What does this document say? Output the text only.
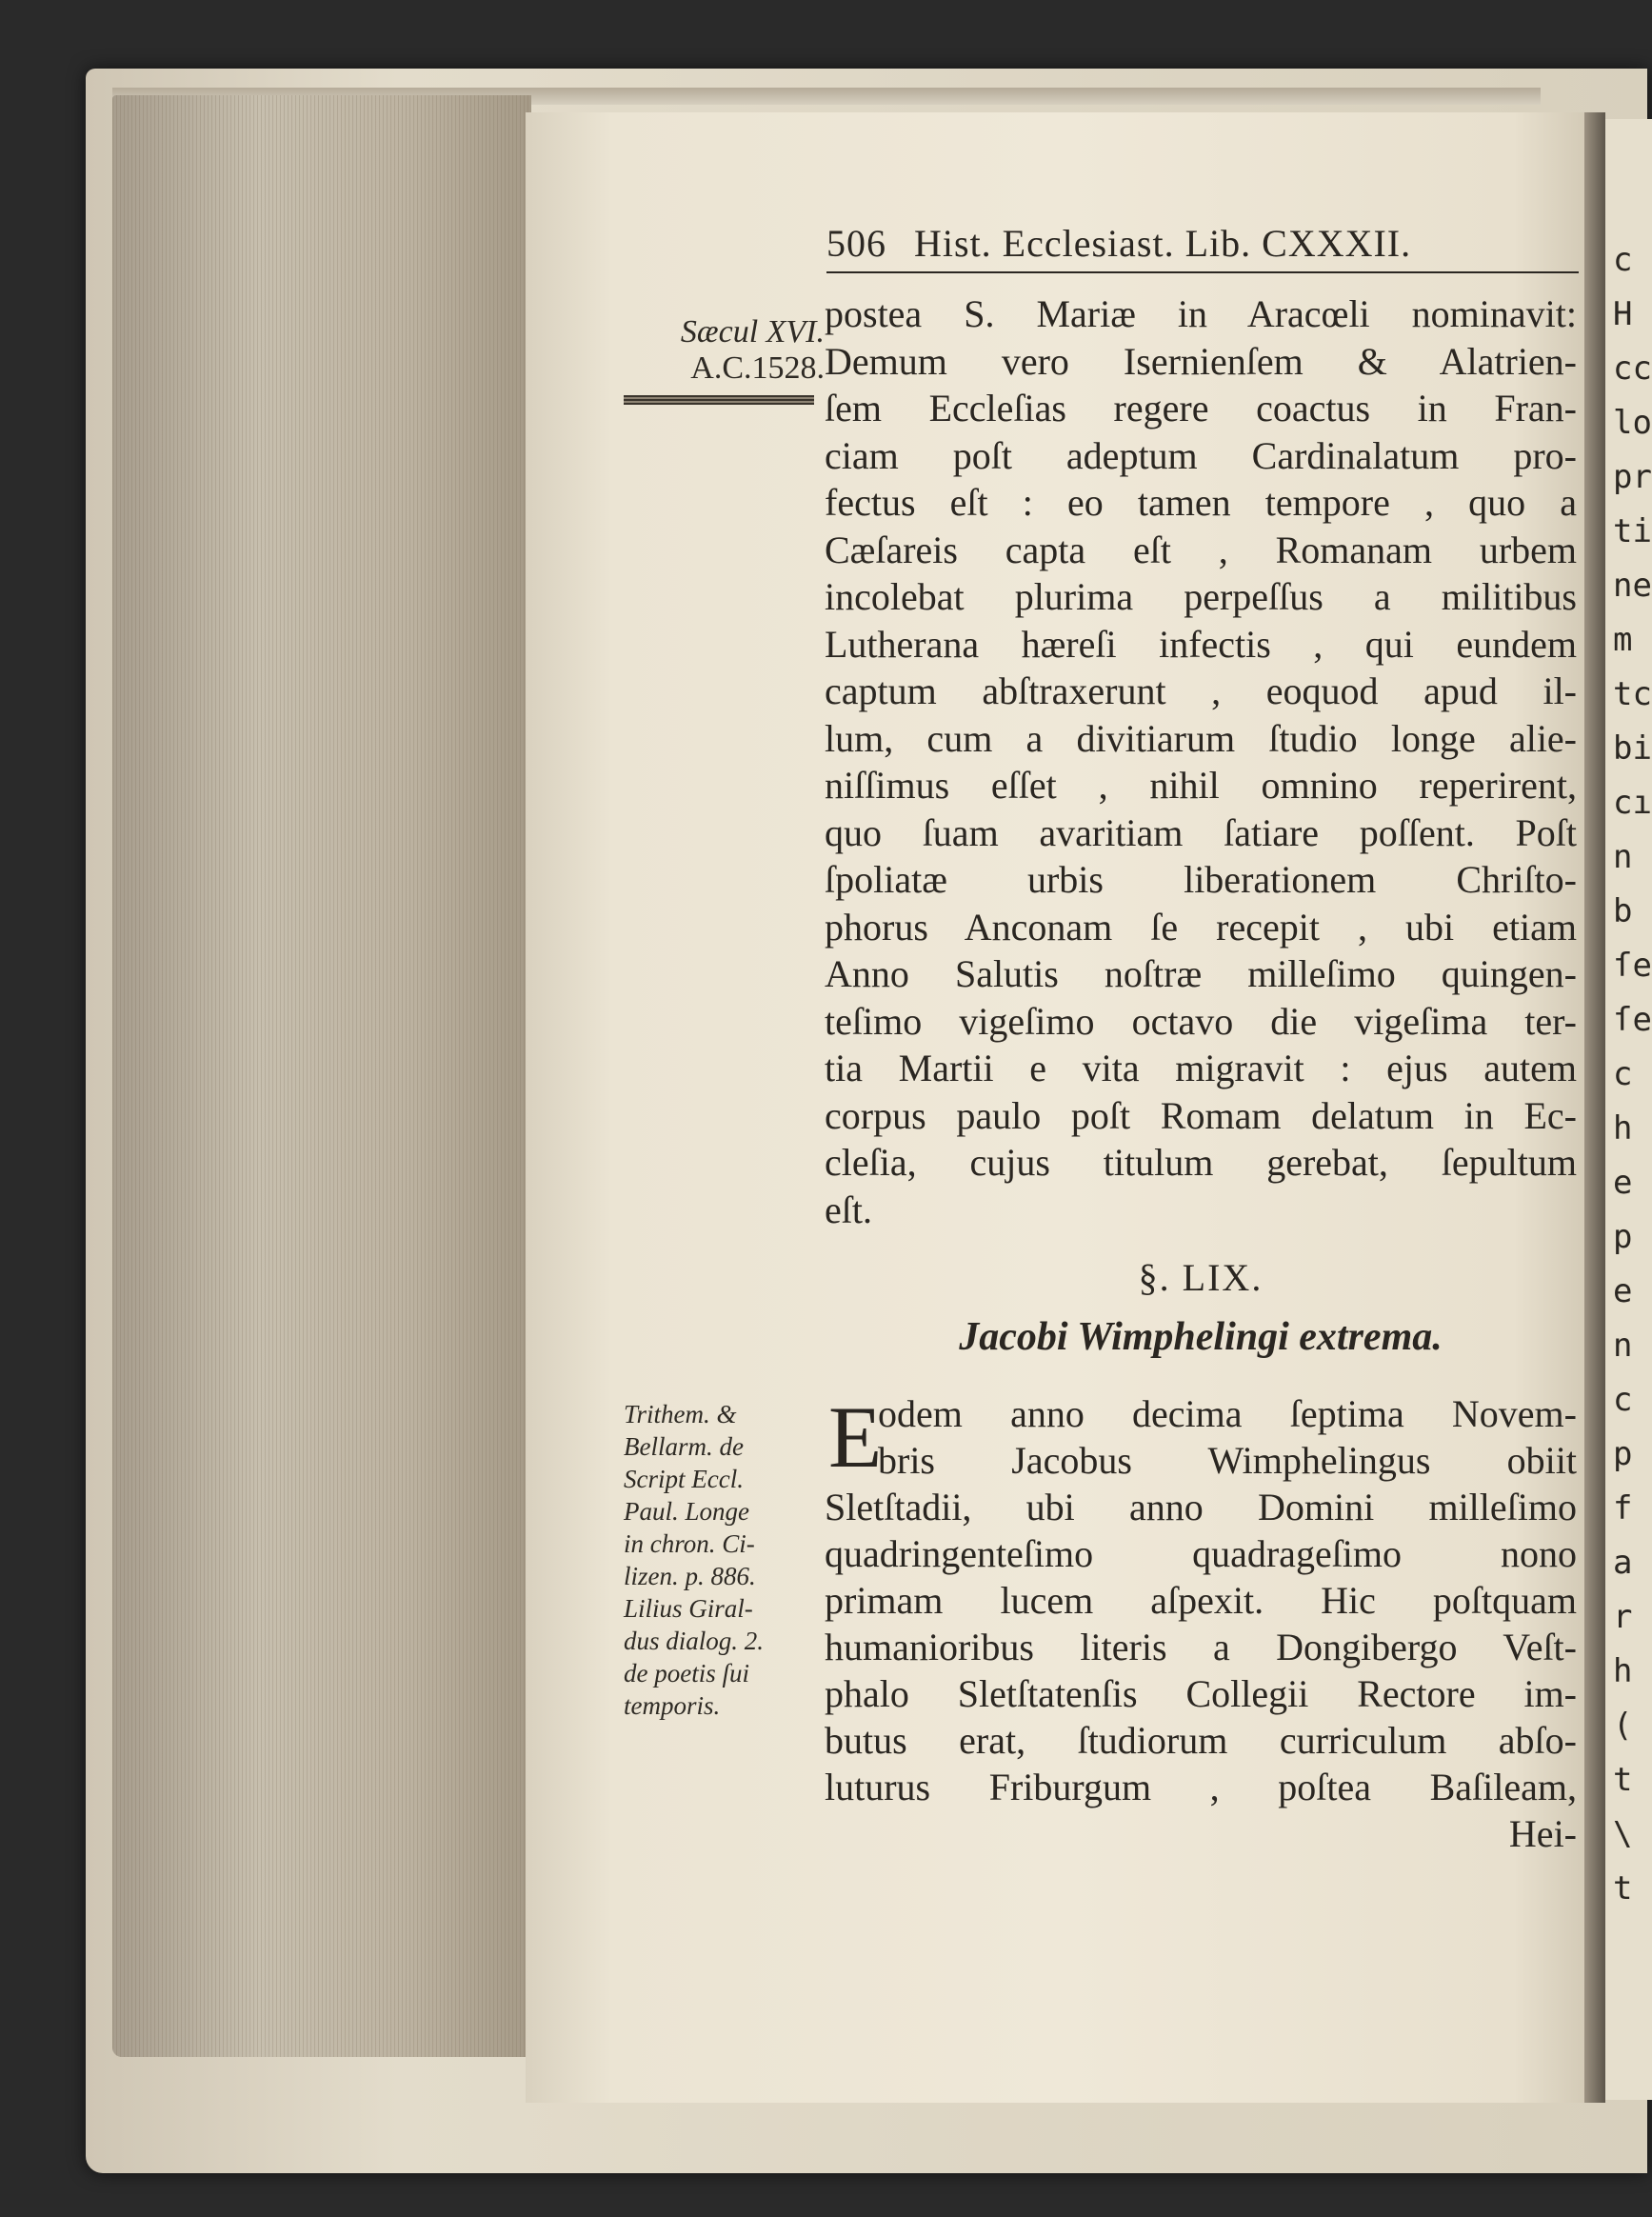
c
H
cc
lo
pr
ti
ne
m
tc
bi
cı
n
b
ſe
ſe
c
h
e
p
e
n
c
p
f
a
r
h
(
t
\
t
506 Hist. Ecclesiast. Lib. CXXXII.
Sæcul XVI.
A.C.1528.
postea S. Mariæ in Aracœli nominavit:
Demum vero Isernienſem & Alatrien-
ſem Eccleſias regere coactus in Fran-
ciam poſt adeptum Cardinalatum pro-
fectus eſt : eo tamen tempore , quo a
Cæſareis capta eſt , Romanam urbem
incolebat plurima perpeſſus a militibus
Lutherana hæreſi infectis , qui eundem
captum abſtraxerunt , eoquod apud il-
lum, cum a divitiarum ſtudio longe alie-
niſſimus eſſet , nihil omnino reperirent,
quo ſuam avaritiam ſatiare poſſent. Poſt
ſpoliatæ urbis liberationem Chriſto-
phorus Anconam ſe recepit , ubi etiam
Anno Salutis noſtræ milleſimo quingen-
teſimo vigeſimo octavo die vigeſima ter-
tia Martii e vita migravit : ejus autem
corpus paulo poſt Romam delatum in Ec-
cleſia, cujus titulum gerebat, ſepultum
eſt.
§. LIX.
Jacobi Wimphelingi extrema.
E
odem anno decima ſeptima Novem-
bris Jacobus Wimphelingus obiit
Sletſtadii, ubi anno Domini milleſimo
quadringenteſimo quadrageſimo nono
primam lucem aſpexit. Hic poſtquam
humanioribus literis a Dongibergo Veſt-
phalo Sletſtatenſis Collegii Rectore im-
butus erat, ſtudiorum curriculum abſo-
luturus Friburgum , poſtea Baſileam,
Hei-
Trithem. &
Bellarm. de
Script Eccl.
Paul. Longe
in chron. Ci-
lizen. p. 886.
Lilius Giral-
dus dialog. 2.
de poetis ſui
temporis.
